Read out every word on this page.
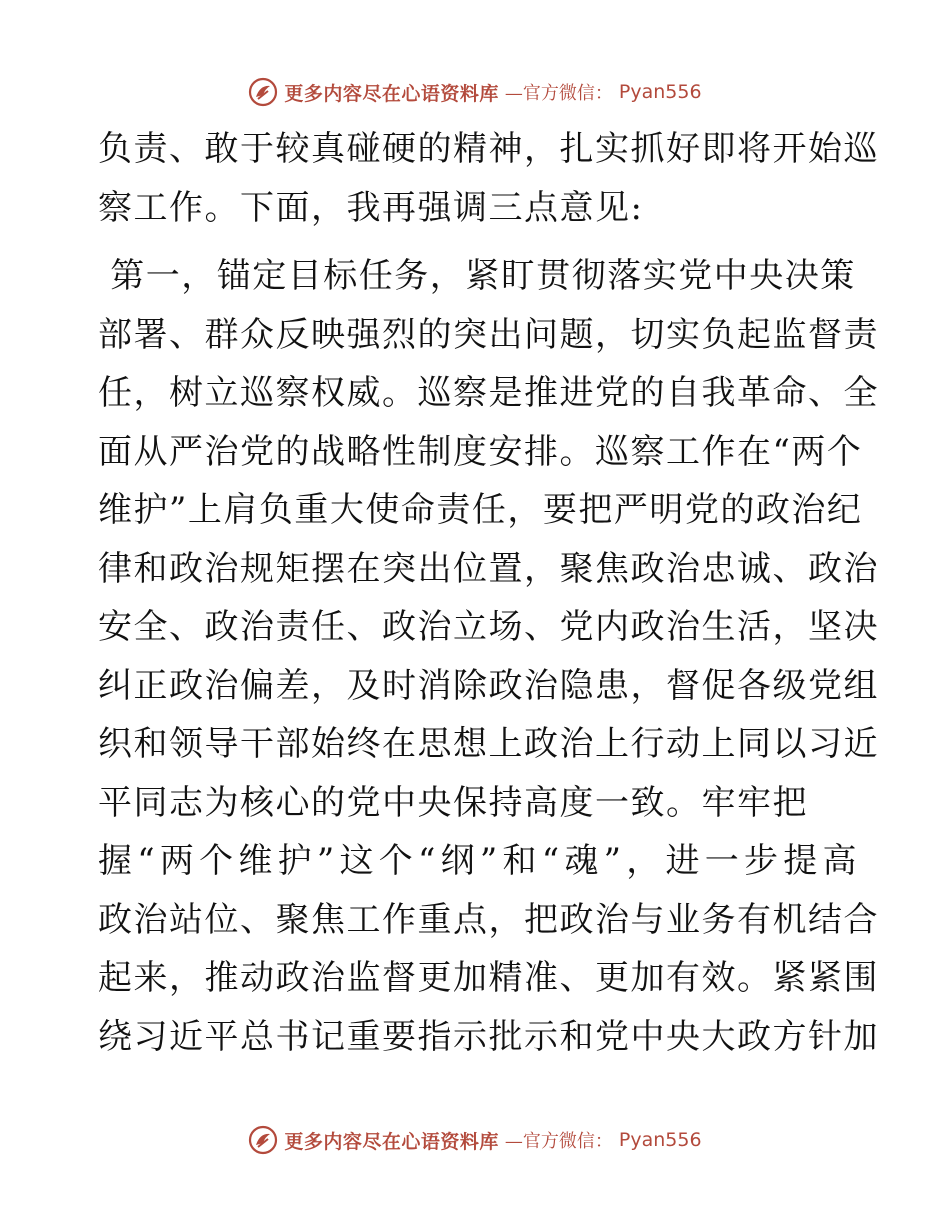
更多内容尽在心语资料库 —官方微信： Pyan556
负责、敢于较真碰硬的精神，扎实抓好即将开始巡
察工作。下面，我再强调三点意见:
第一，锚定目标任务，紧盯贯彻落实党中央决策
部署、群众反映强烈的突出问题，切实负起监督责
任，树立巡察权威。巡察是推进党的自我革命、全
面从严治党的战略性制度安排。巡察工作在“两个
维护”上肩负重大使命责任，要把严明党的政治纪
律和政治规矩摆在突出位置，聚焦政治忠诚、政治
安全、政治责任、政治立场、党内政治生活，坚决
纠正政治偏差，及时消除政治隐患，督促各级党组
织和领导干部始终在思想上政治上行动上同以习近
平同志为核心的党中央保持高度一致。牢牢把
握“两个维护”这个“纲”和“魂”，进一步提高
政治站位、聚焦工作重点，把政治与业务有机结合
起来，推动政治监督更加精准、更加有效。紧紧围
绕习近平总书记重要指示批示和党中央大政方针加
更多内容尽在心语资料库 —官方微信： Pyan556
